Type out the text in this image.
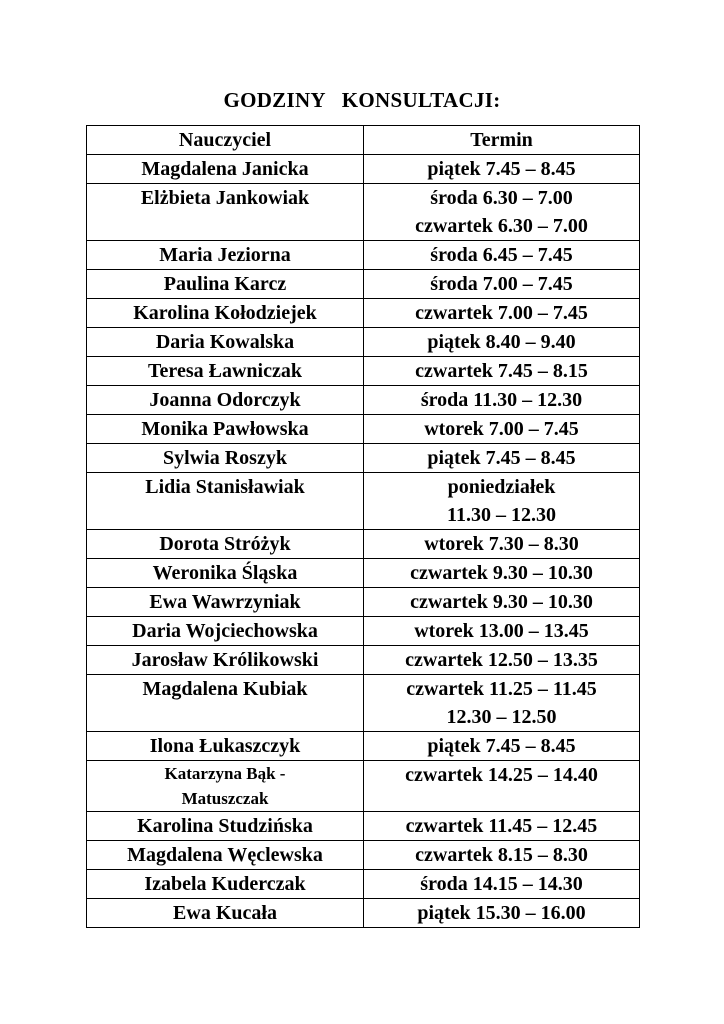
GODZINY   KONSULTACJI:
Nauczyciel	Termin

Magdalena Janicka	piątek 7.45 – 8.45

Elżbieta Jankowiak	środa 6.30 – 7.00
czwartek 6.30 – 7.00

Maria Jeziorna	środa 6.45 – 7.45

Paulina Karcz	środa 7.00 – 7.45

Karolina Kołodziejek	czwartek 7.00 – 7.45

Daria Kowalska	piątek 8.40 – 9.40

Teresa Ławniczak	czwartek 7.45 – 8.15

Joanna Odorczyk	środa 11.30 – 12.30

Monika Pawłowska	wtorek 7.00 – 7.45

Sylwia Roszyk	piątek 7.45 – 8.45

Lidia Stanisławiak	poniedziałek
11.30 – 12.30

Dorota Stróżyk	wtorek 7.30 – 8.30

Weronika Śląska	czwartek 9.30 – 10.30

Ewa Wawrzyniak	czwartek 9.30 – 10.30

Daria Wojciechowska	wtorek 13.00 – 13.45

Jarosław Królikowski	czwartek 12.50 – 13.35

Magdalena Kubiak	czwartek 11.25 – 11.45
12.30 – 12.50

Ilona Łukaszczyk	piątek 7.45 – 8.45

Katarzyna Bąk -
Matuszczak	czwartek 14.25 – 14.40

Karolina Studzińska	czwartek 11.45 – 12.45

Magdalena Węclewska	czwartek 8.15 – 8.30

Izabela Kuderczak	środa 14.15 – 14.30

Ewa Kucała	piątek 15.30 – 16.00
